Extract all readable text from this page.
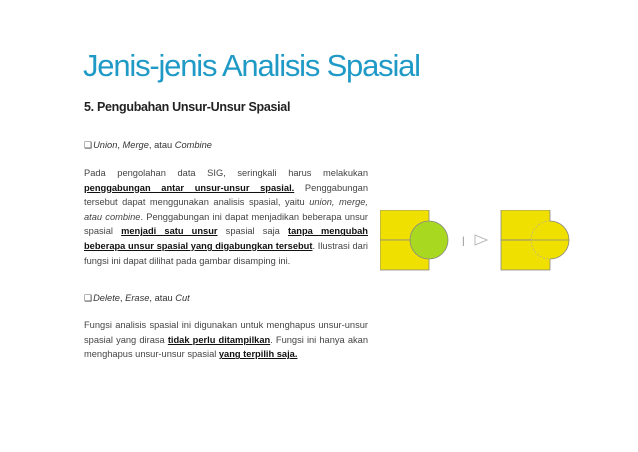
Jenis-jenis Analisis Spasial
5. Pengubahan Unsur-Unsur Spasial
❑Union, Merge, atau Combine

Pada pengolahan data SIG, seringkali harus melakukan penggabungan antar unsur-unsur spasial. Penggabungan tersebut dapat menggunakan analisis spasial, yaitu union, merge, atau combine. Penggabungan ini dapat menjadikan beberapa unsur spasial menjadi satu unsur spasial saja tanpa mengubah beberapa unsur spasial yang digabungkan tersebut. Ilustrasi dari fungsi ini dapat dilihat pada gambar disamping ini.

❑Delete, Erase, atau Cut

Fungsi analisis spasial ini digunakan untuk menghapus unsur-unsur spasial yang dirasa tidak perlu ditampilkan. Fungsi ini hanya akan menghapus unsur-unsur spasial yang terpilih saja.

|
